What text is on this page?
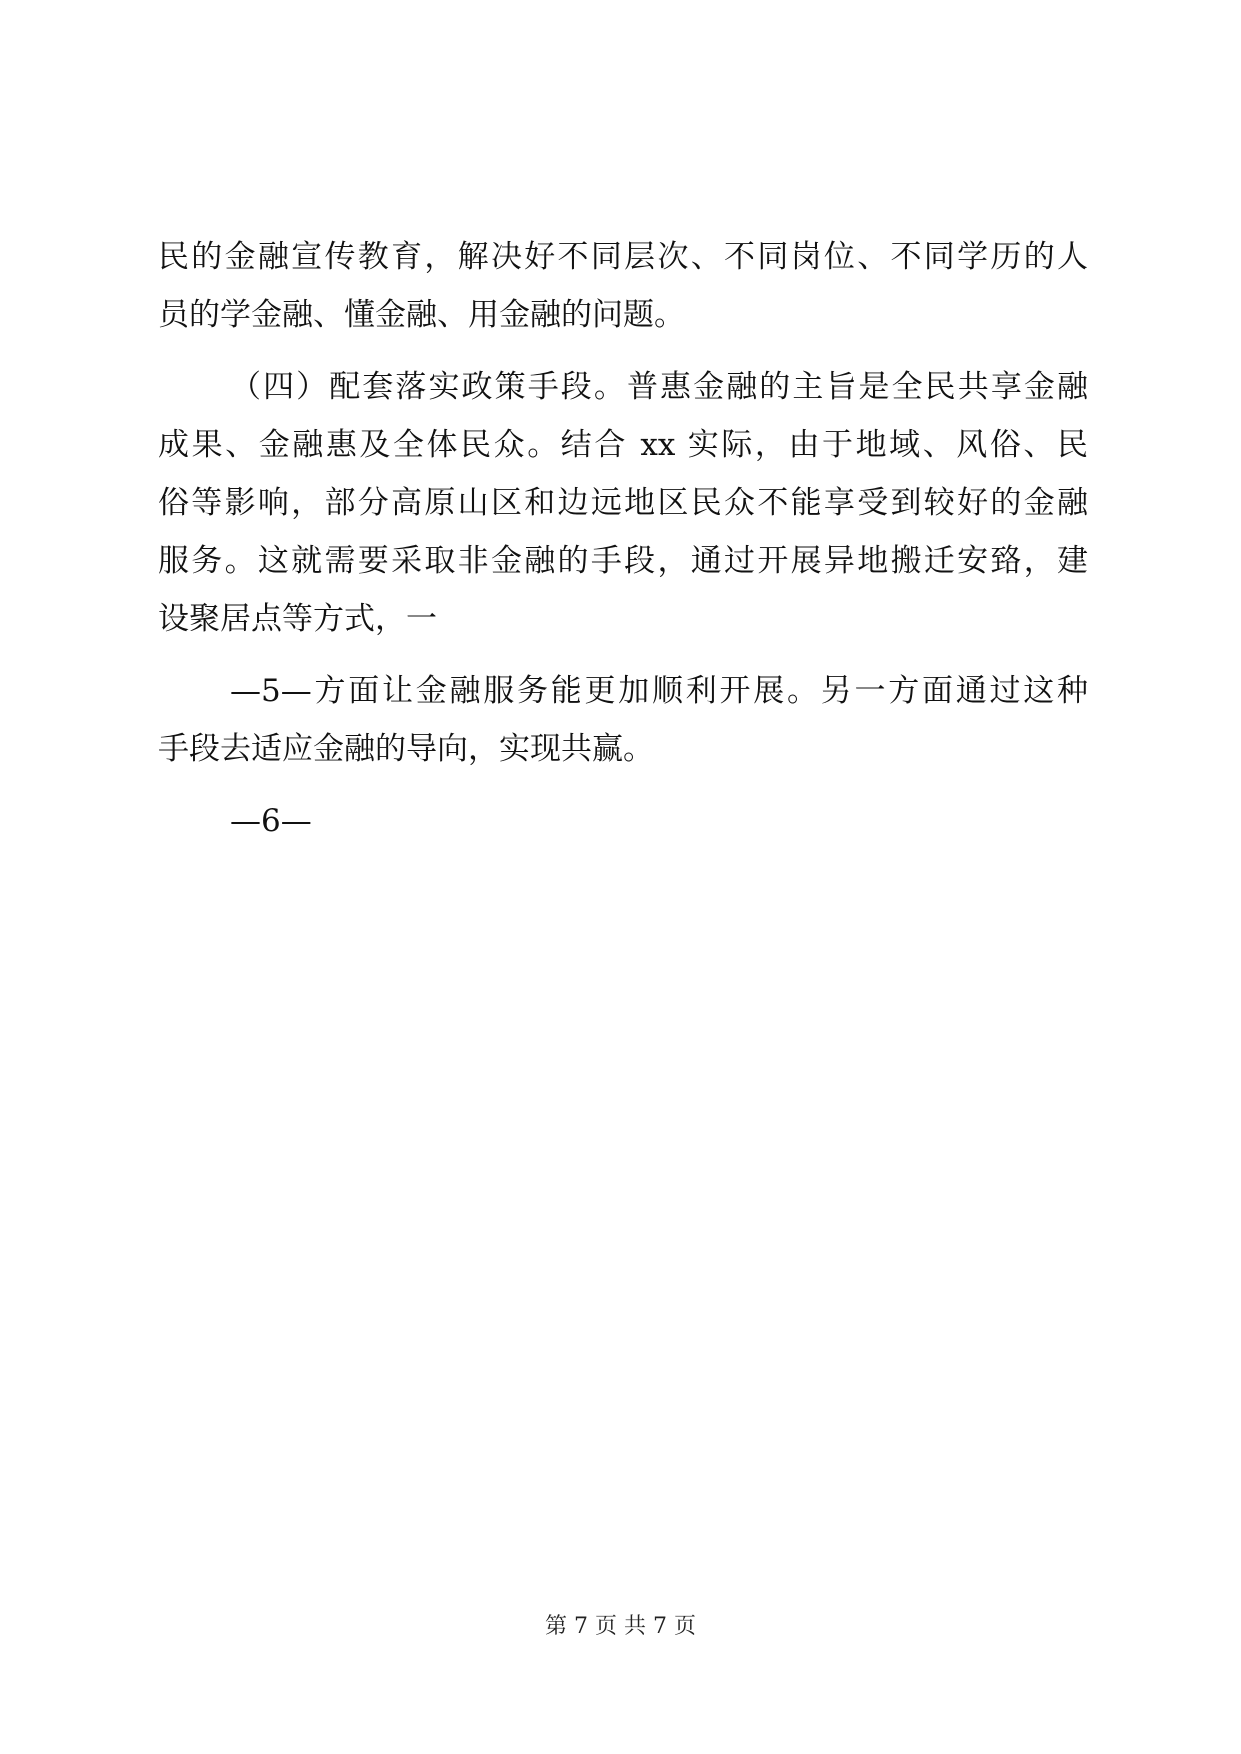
民的金融宣传教育，解决好不同层次、不同岗位、不同学历的人
员的学金融、懂金融、用金融的问题。
（四）配套落实政策手段。普惠金融的主旨是全民共享金融
成果、金融惠及全体民众。结合 xx 实际，由于地域、风俗、民
俗等影响，部分高原山区和边远地区民众不能享受到较好的金融
服务。这就需要采取非金融的手段，通过开展异地搬迁安臵，建
设聚居点等方式，一
—5—方面让金融服务能更加顺利开展。另一方面通过这种
手段去适应金融的导向，实现共赢。
—6—
第 7 页 共 7 页
